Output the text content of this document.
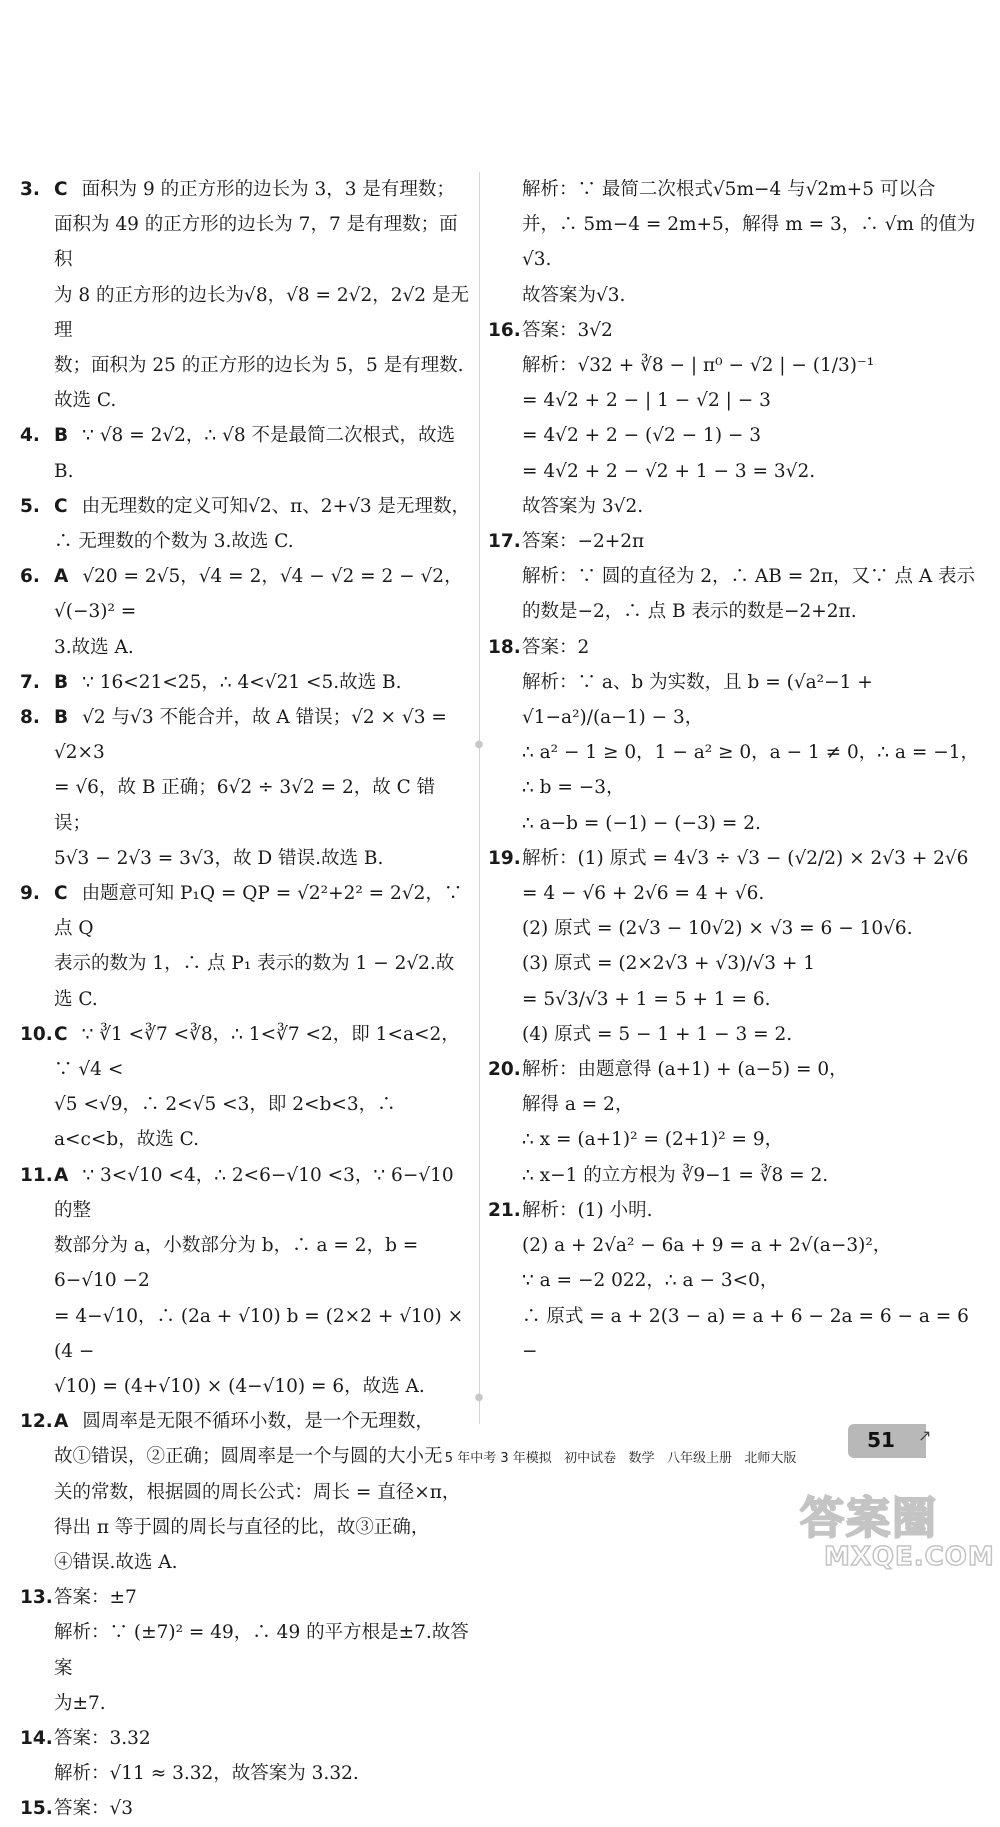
3. C 面积为 9 的正方形的边长为 3，3 是有理数；
面积为 49 的正方形的边长为 7，7 是有理数；面积
为 8 的正方形的边长为√8，√8 = 2√2，2√2 是无理
数；面积为 25 的正方形的边长为 5，5 是有理数.
故选 C.
4. B ∵ √8 = 2√2，∴ √8 不是最简二次根式，故选 B.
5. C 由无理数的定义可知√2、π、2+√3 是无理数，
∴ 无理数的个数为 3.故选 C.
6. A √20 = 2√5，√4 = 2，√4 − √2 = 2 − √2，√(−3)² =
3.故选 A.
7. B ∵ 16<21<25，∴ 4<√21 <5.故选 B.
8. B √2 与√3 不能合并，故 A 错误；√2 × √3 = √2×3
= √6，故 B 正确；6√2 ÷ 3√2 = 2，故 C 错误；
5√3 − 2√3 = 3√3，故 D 错误.故选 B.
9. C 由题意可知 P₁Q = QP = √2²+2² = 2√2，∵ 点 Q
表示的数为 1，∴ 点 P₁ 表示的数为 1 − 2√2.故
选 C.
10.C ∵ ∛1 <∛7 <∛8，∴ 1<∛7 <2，即 1<a<2，∵ √4 <
√5 <√9，∴ 2<√5 <3，即 2<b<3，∴ a<c<b，故选 C.
11.A ∵ 3<√10 <4，∴ 2<6−√10 <3，∵ 6−√10 的整
数部分为 a，小数部分为 b，∴ a = 2，b = 6−√10 −2
= 4−√10，∴ (2a + √10) b = (2×2 + √10) × (4 −
√10) = (4+√10) × (4−√10) = 6，故选 A.
12.A 圆周率是无限不循环小数，是一个无理数，
故①错误，②正确；圆周率是一个与圆的大小无
关的常数，根据圆的周长公式：周长 = 直径×π，
得出 π 等于圆的周长与直径的比，故③正确，
④错误.故选 A.
13.答案：±7
解析：∵ (±7)² = 49，∴ 49 的平方根是±7.故答案
为±7.
14.答案：3.32
解析：√11 ≈ 3.32，故答案为 3.32.
15.答案：√3
●
●
解析：∵ 最简二次根式√5m−4 与√2m+5 可以合
并，∴ 5m−4 = 2m+5，解得 m = 3，∴ √m 的值为√3.
故答案为√3.
16.答案：3√2
解析：√32 + ∛8 − | π⁰ − √2 | − (1/3)⁻¹
= 4√2 + 2 − | 1 − √2 | − 3
= 4√2 + 2 − (√2 − 1) − 3
= 4√2 + 2 − √2 + 1 − 3 = 3√2.
故答案为 3√2.
17.答案：−2+2π
解析：∵ 圆的直径为 2，∴ AB = 2π，又∵ 点 A 表示
的数是−2，∴ 点 B 表示的数是−2+2π.
18.答案：2
解析：∵ a、b 为实数，且 b = (√a²−1 + √1−a²)/(a−1) − 3，
∴ a² − 1 ≥ 0，1 − a² ≥ 0，a − 1 ≠ 0，∴ a = −1，∴ b = −3，
∴ a−b = (−1) − (−3) = 2.
19.解析：(1) 原式 = 4√3 ÷ √3 − (√2/2) × 2√3 + 2√6
= 4 − √6 + 2√6 = 4 + √6.
(2) 原式 = (2√3 − 10√2) × √3 = 6 − 10√6.
(3) 原式 = (2×2√3 + √3)/√3 + 1
= 5√3/√3 + 1 = 5 + 1 = 6.
(4) 原式 = 5 − 1 + 1 − 3 = 2.
20.解析：由题意得 (a+1) + (a−5) = 0，
解得 a = 2，
∴ x = (a+1)² = (2+1)² = 9，
∴ x−1 的立方根为 ∛9−1 = ∛8 = 2.
21.解析：(1) 小明.
(2) a + 2√a² − 6a + 9 = a + 2√(a−3)²，
∵ a = −2 022，∴ a − 3<0，
∴ 原式 = a + 2(3 − a) = a + 6 − 2a = 6 − a = 6 −

5 年中考 3 年模拟 初中试卷 数学 八年级上册 北师大版

51	↗
答案圈
MXQE.COM
